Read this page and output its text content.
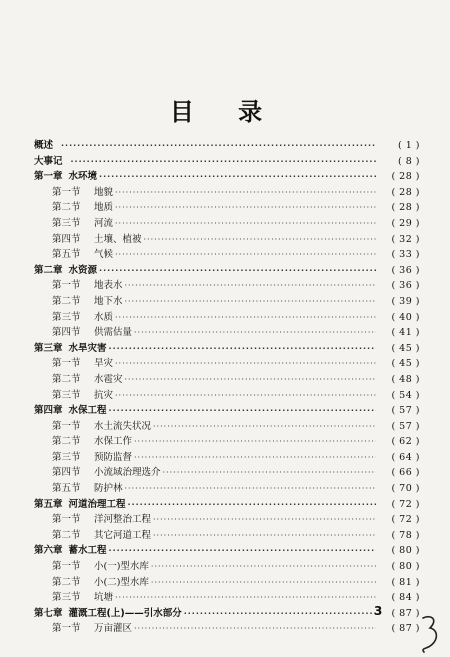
目 录
概述 ·····	( 1 )
大事记 ·····	( 8 )
第一章 水环境 ·····	( 28 )
第一节 地貌 ·····	( 28 )
第二节 地质 ·····	( 28 )
第三节 河流 ·····	( 29 )
第四节 土壤、植被 ·····	( 32 )
第五节 气候 ·····	( 33 )
第二章 水资源 ·····	( 36 )
第一节 地表水 ·····	( 36 )
第二节 地下水 ·····	( 39 )
第三节 水质 ·····	( 40 )
第四节 供需估量 ·····	( 41 )
第三章 水旱灾害 ·····	( 45 )
第一节 旱灾 ·····	( 45 )
第二节 水雹灾 ·····	( 48 )
第三节 抗灾 ·····	( 54 )
第四章 水保工程 ·····	( 57 )
第一节 水土流失状况 ·····	( 57 )
第二节 水保工作 ·····	( 62 )
第三节 预防监督 ·····	( 64 )
第四节 小流域治理选介 ·····	( 66 )
第五节 防护林 ·····	( 70 )
第五章 河道治理工程 ·····	( 72 )
第一节 洋河整治工程 ·····	( 72 )
第二节 其它河道工程 ·····	( 78 )
第六章 蓄水工程 ·····	( 80 )
第一节 小(一)型水库 ·····	( 80 )
第二节 小(二)型水库 ·····	( 81 )
第三节 坑塘 ·····	( 84 )
第七章 灌溉工程(上)——引水部分 ·····	( 87 )
第一节 万亩灌区 ·····	( 87 )
3
